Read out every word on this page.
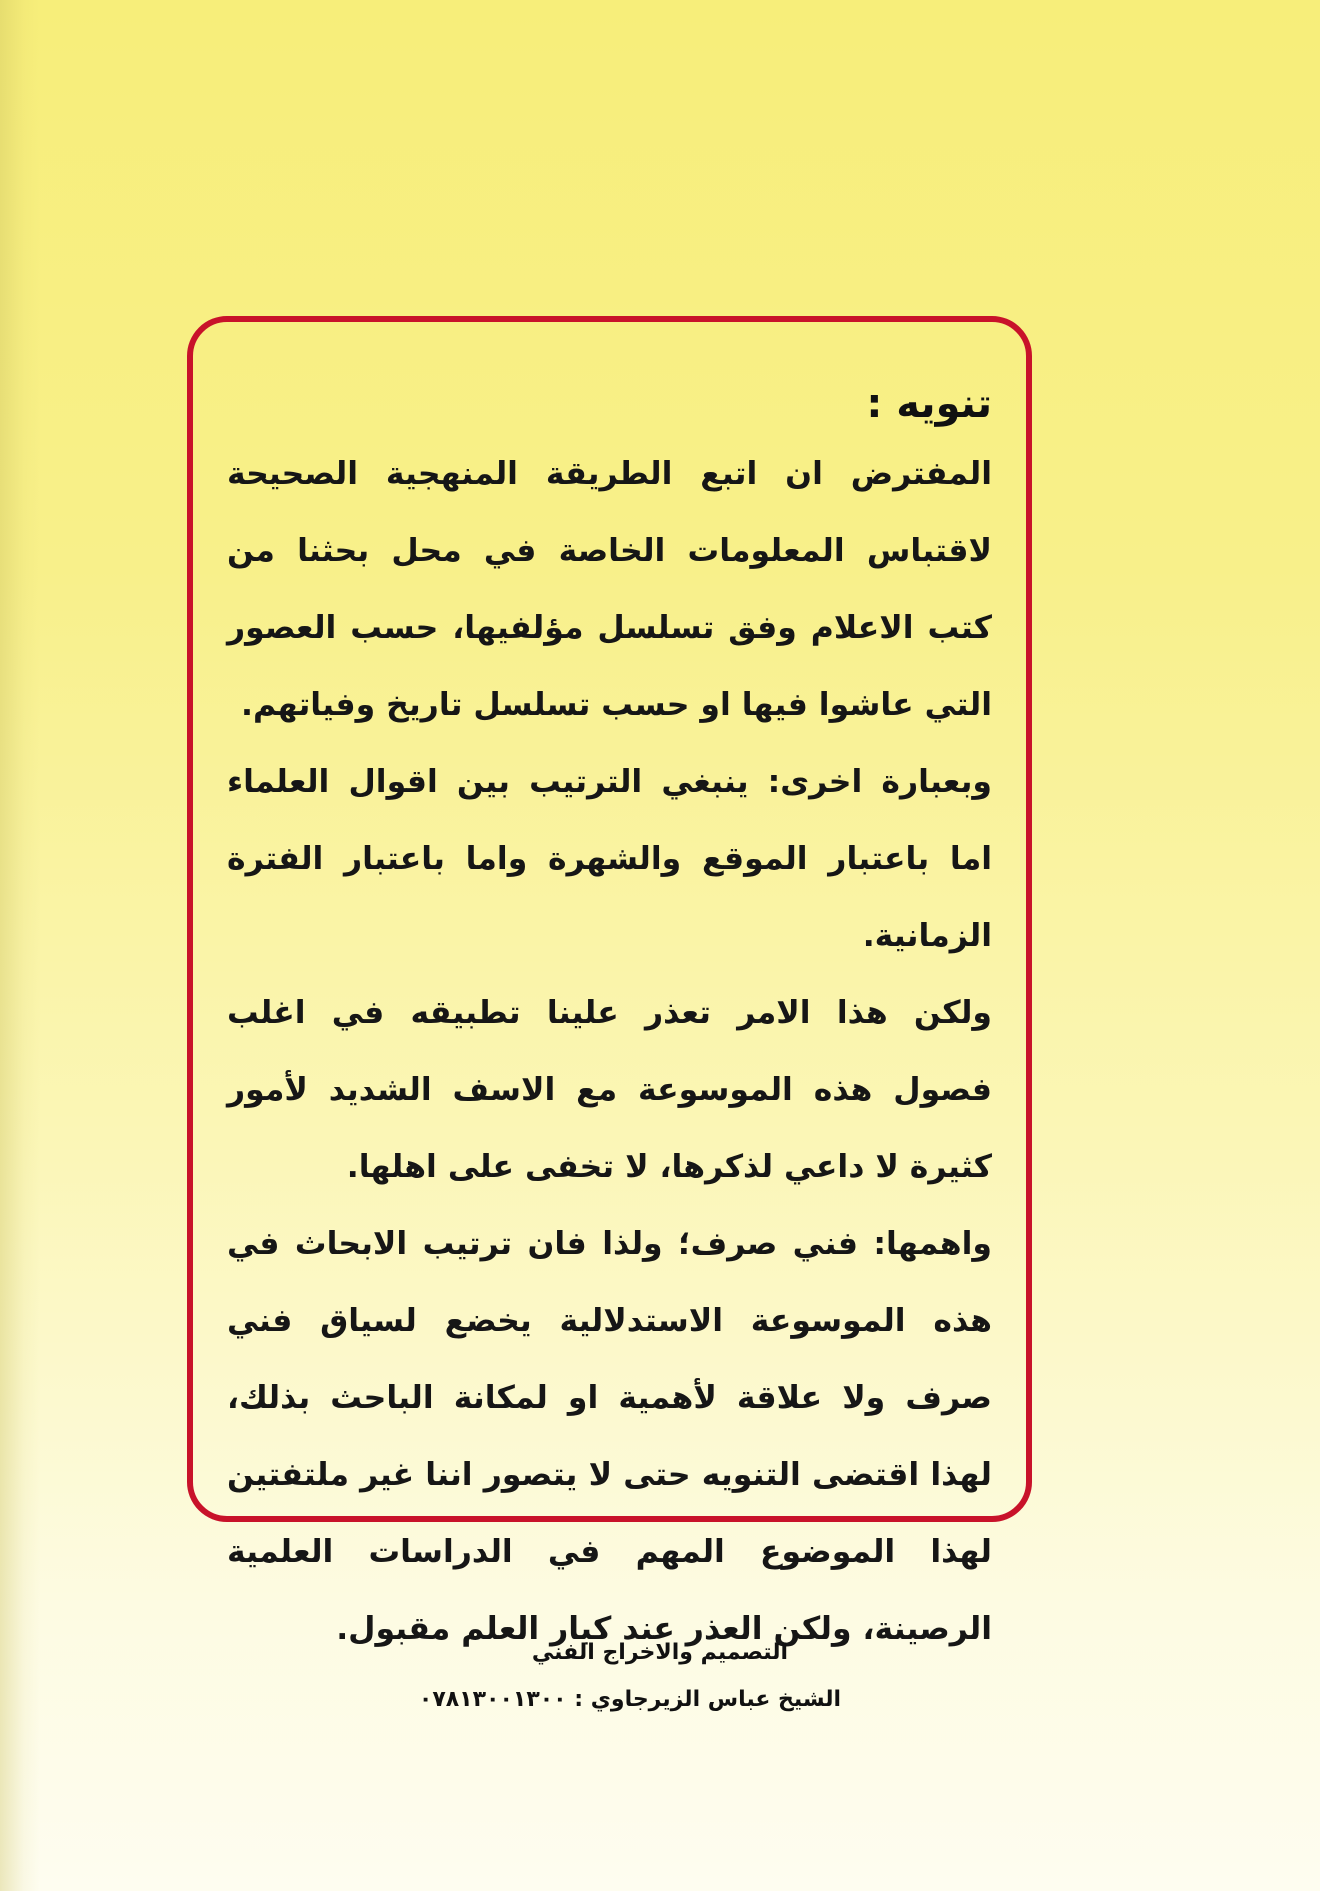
تنويه :

المفترض ان اتبع الطريقة المنهجية الصحيحة لاقتباس المعلومات الخاصة في محل بحثنا من كتب الاعلام وفق تسلسل مؤلفيها، حسب العصور التي عاشوا فيها او حسب تسلسل تاريخ وفياتهم.

وبعبارة اخرى: ينبغي الترتيب بين اقوال العلماء اما باعتبار الموقع والشهرة واما باعتبار الفترة الزمانية.

ولكن هذا الامر تعذر علينا تطبيقه في اغلب فصول هذه الموسوعة مع الاسف الشديد لأمور كثيرة لا داعي لذكرها، لا تخفى على اهلها.

واهمها: فني صرف؛ ولذا فان ترتيب الابحاث في هذه الموسوعة الاستدلالية يخضع لسياق فني صرف ولا علاقة لأهمية او لمكانة الباحث بذلك، لهذا اقتضى التنويه حتى لا يتصور اننا غير ملتفتين لهذا الموضوع المهم في الدراسات العلمية الرصينة، ولكن العذر عند كبار العلم مقبول.

التصميم والاخراج الفني
الشيخ عباس الزيرجاوي : ٠٧٨١٣٠٠١٣٠٠
